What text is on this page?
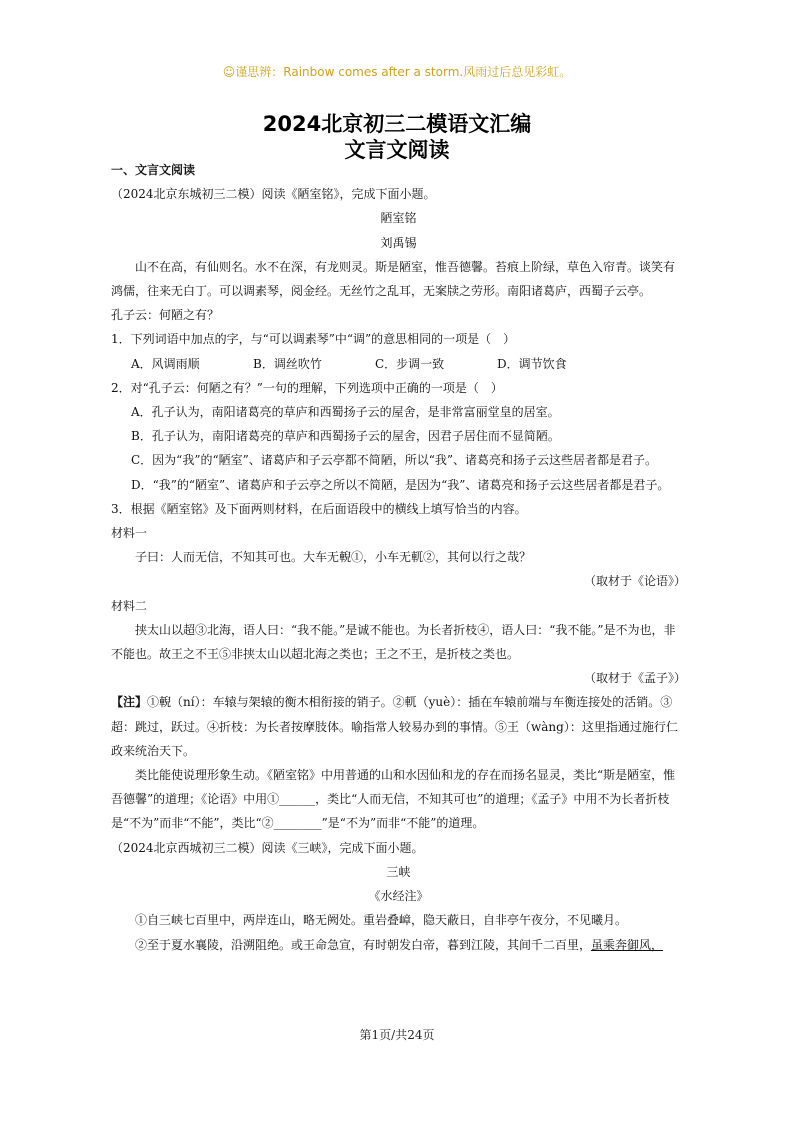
☺谨思辨：Rainbow comes after a storm.风雨过后总见彩虹。
2024北京初三二模语文汇编
文言文阅读

一、文言文阅读

（2024北京东城初三二模）阅读《陋室铭》，完成下面小题。

陋室铭

刘禹锡

山不在高，有仙则名。水不在深，有龙则灵。斯是陋室，惟吾德馨。苔痕上阶绿，草色入帘青。谈笑有鸿儒，往来无白丁。可以调素琴，阅金经。无丝竹之乱耳，无案牍之劳形。南阳诸葛庐，西蜀子云亭。

孔子云：何陋之有？

1．下列词语中加点的字，与“可以调素琴”中“调”的意思相同的一项是（　）

A．风调雨顺	B．调丝吹竹	C．步调一致	D．调节饮食

2．对“孔子云：何陋之有？”一句的理解，下列选项中正确的一项是（　）

A．孔子认为，南阳诸葛亮的草庐和西蜀扬子云的屋舍，是非常富丽堂皇的居室。

B．孔子认为，南阳诸葛亮的草庐和西蜀扬子云的屋舍，因君子居住而不显简陋。

C．因为“我”的“陋室”、诸葛庐和子云亭都不简陋，所以“我”、诸葛亮和扬子云这些居者都是君子。

D．“我”的“陋室”、诸葛庐和子云亭之所以不简陋，是因为“我”、诸葛亮和扬子云这些居者都是君子。

3．根据《陋室铭》及下面两则材料，在后面语段中的横线上填写恰当的内容。

材料一

子曰：人而无信，不知其可也。大车无輗①，小车无軏②，其何以行之哉？

（取材于《论语》）

材料二

挟太山以超③北海，语人曰：“我不能。”是诚不能也。为长者折枝④，语人曰：“我不能。”是不为也，非不能也。故王之不王⑤非挟太山以超北海之类也；王之不王，是折枝之类也。

（取材于《孟子》）

【注】①輗（ní）：车辕与架辕的衡木相衔接的销子。②軏（yuè）：插在车辕前端与车衡连接处的活销。③超：跳过，跃过。④折枝：为长者按摩肢体。喻指常人较易办到的事情。⑤王（wàng）：这里指通过施行仁政来统治天下。

类比能使说理形象生动。《陋室铭》中用普通的山和水因仙和龙的存在而扬名显灵，类比“斯是陋室，惟吾德馨”的道理；《论语》中用①______，类比“人而无信，不知其可也”的道理；《孟子》中用不为长者折枝是“不为”而非“不能”，类比“②________”是“不为”而非“不能”的道理。

（2024北京西城初三二模）阅读《三峡》，完成下面小题。

三峡

《水经注》

①自三峡七百里中，两岸连山，略无阙处。重岩叠嶂，隐天蔽日，自非亭午夜分，不见曦月。

②至于夏水襄陵，沿溯阻绝。或王命急宣，有时朝发白帝，暮到江陵，其间千二百里，虽乘奔御风，

第1页/共24页
